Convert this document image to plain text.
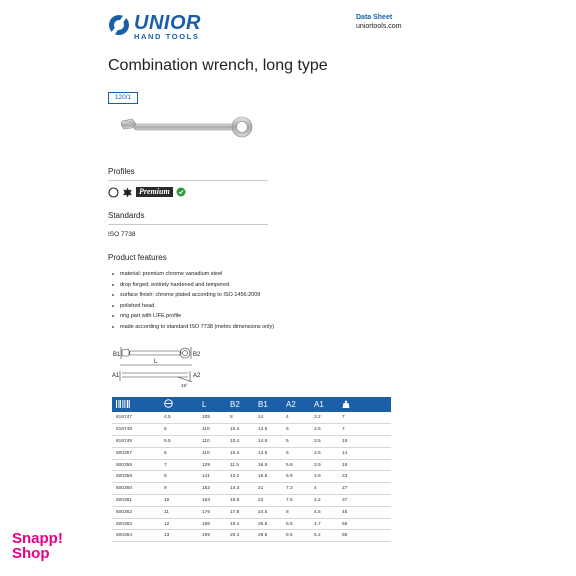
UNIOR
HAND TOOLS
Data Sheet
uniortools.com
Combination wrench, long type
120/1
Profiles
Premium
Standards
ISO 7738
Product features
material: premium chrome vanadium steel
drop forged, entirely hardened and tempered
surface finish: chrome plated according to ISO 1456:2009
polished head
ring part with LIFE profile
made according to standard ISO 7738 (metric dimensions only)
B1	B2
L
A1	A2
15°
		L	B2	B1	A2	A1	
616747	4.5	105	8	14	4	3.2	7
616748	5	110	10.4	14.5	5	3.5	7
616749	5.5	110	10.4	14.5	5	3.5	15
600357	6	110	10.4	14.5	5	3.5	14
600358	7	129	11.5	16.5	5.8	3.9	15
600359	8	141	13.2	18.5	6.9	3.9	23
600360	9	152	14.3	21	7.3	4	27
600361	10	163	15.9	23	7.5	4.2	37
600362	11	176	17.8	24.5	8	4.5	45
600363	12	186	19.4	26.5	8.5	4.7	55
600364	13	199	20.4	29.5	8.5	5.2	68
Snapp!
Shop
